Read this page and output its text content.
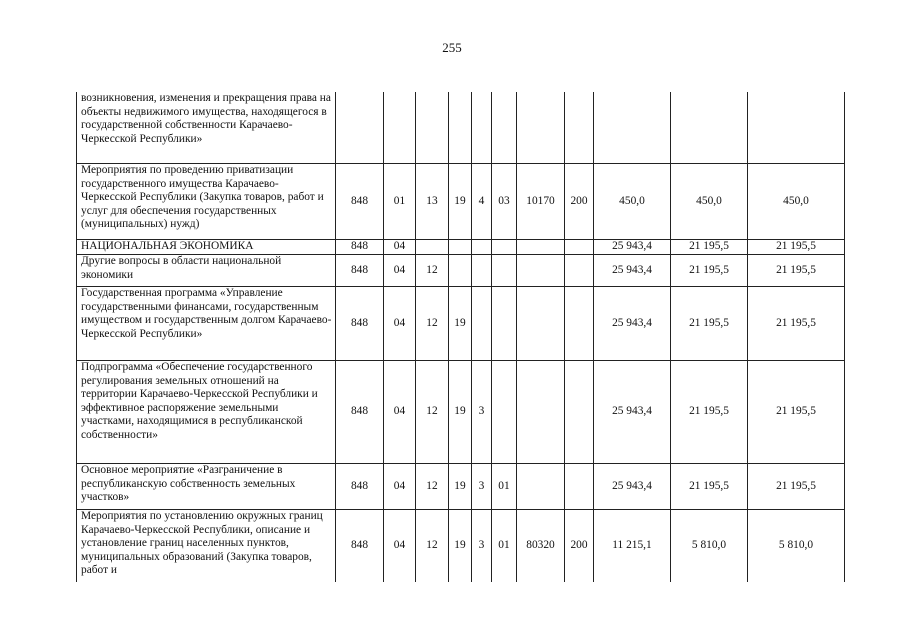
255
возникновения, изменения и прекращения права на объекты недвижимого имущества, находящегося в государственной собственности Карачаево-Черкесской Республики»											
Мероприятия по проведению приватизации государственного имущества Карачаево-Черкесской Республики (Закупка товаров, работ и услуг для обеспечения государственных (муниципальных) нужд)	848	01	13	19	4	03	10170	200	450,0	450,0	450,0
НАЦИОНАЛЬНАЯ ЭКОНОМИКА	848	04							25 943,4	21 195,5	21 195,5
Другие вопросы в области национальной экономики	848	04	12						25 943,4	21 195,5	21 195,5
Государственная программа «Управление государственными финансами, государственным имуществом и государственным долгом Карачаево-Черкесской Республики»	848	04	12	19					25 943,4	21 195,5	21 195,5
Подпрограмма «Обеспечение государственного регулирования земельных отношений на территории Карачаево-Черкесской Республики и эффективное распоряжение земельными участками, находящимися в республиканской собственности»	848	04	12	19	3				25 943,4	21 195,5	21 195,5
Основное мероприятие «Разграничение в республиканскую собственность земельных участков»	848	04	12	19	3	01			25 943,4	21 195,5	21 195,5
Мероприятия по установлению окружных границ Карачаево-Черкесской Республики, описание и установление границ населенных пунктов, муниципальных образований (Закупка товаров, работ и	848	04	12	19	3	01	80320	200	11 215,1	5 810,0	5 810,0
